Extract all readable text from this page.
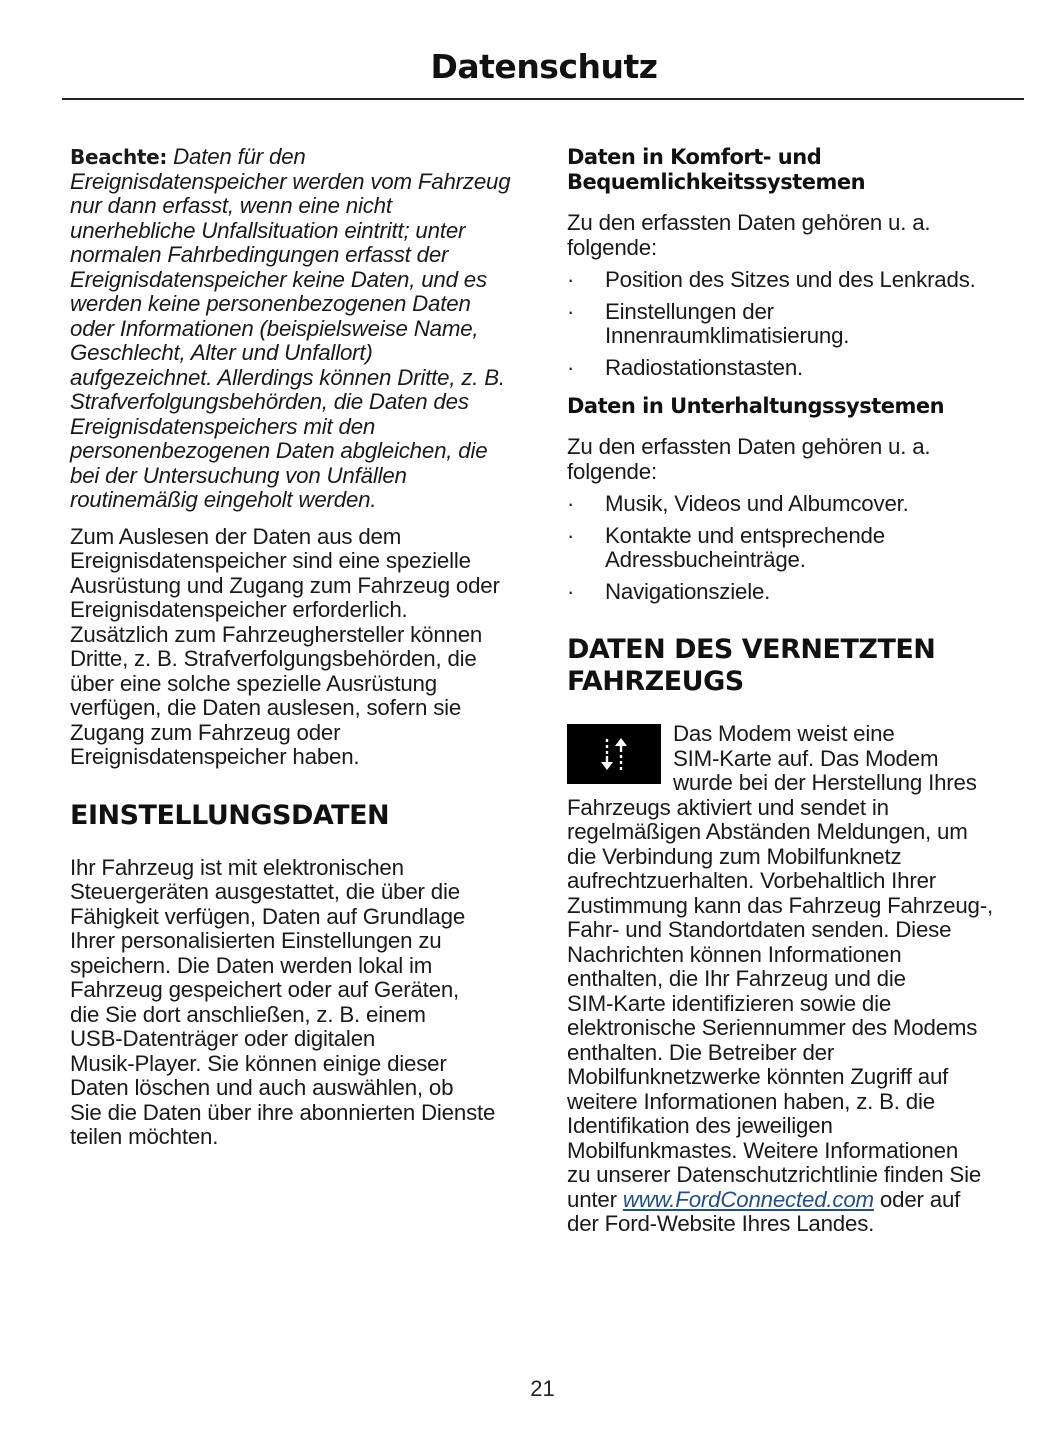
Datenschutz
Beachte: Daten für den
Ereignisdatenspeicher werden vom Fahrzeug
nur dann erfasst, wenn eine nicht
unerhebliche Unfallsituation eintritt; unter
normalen Fahrbedingungen erfasst der
Ereignisdatenspeicher keine Daten, und es
werden keine personenbezogenen Daten
oder Informationen (beispielsweise Name,
Geschlecht, Alter und Unfallort)
aufgezeichnet. Allerdings können Dritte, z. B.
Strafverfolgungsbehörden, die Daten des
Ereignisdatenspeichers mit den
personenbezogenen Daten abgleichen, die
bei der Untersuchung von Unfällen
routinemäßig eingeholt werden.
Zum Auslesen der Daten aus dem
Ereignisdatenspeicher sind eine spezielle
Ausrüstung und Zugang zum Fahrzeug oder
Ereignisdatenspeicher erforderlich.
Zusätzlich zum Fahrzeughersteller können
Dritte, z. B. Strafverfolgungsbehörden, die
über eine solche spezielle Ausrüstung
verfügen, die Daten auslesen, sofern sie
Zugang zum Fahrzeug oder
Ereignisdatenspeicher haben.
EINSTELLUNGSDATEN
Ihr Fahrzeug ist mit elektronischen
Steuergeräten ausgestattet, die über die
Fähigkeit verfügen, Daten auf Grundlage
Ihrer personalisierten Einstellungen zu
speichern. Die Daten werden lokal im
Fahrzeug gespeichert oder auf Geräten,
die Sie dort anschließen, z. B. einem
USB-Datenträger oder digitalen
Musik-Player. Sie können einige dieser
Daten löschen und auch auswählen, ob
Sie die Daten über ihre abonnierten Dienste
teilen möchten.
Daten in Komfort- und
Bequemlichkeitssystemen
Zu den erfassten Daten gehören u. a.
folgende:
·	Position des Sitzes und des Lenkrads.
·	Einstellungen der
Innenraumklimatisierung.
·	Radiostationstasten.
Daten in Unterhaltungssystemen
Zu den erfassten Daten gehören u. a.
folgende:
·	Musik, Videos und Albumcover.
·	Kontakte und entsprechende
Adressbucheinträge.
·	Navigationsziele.
DATEN DES VERNETZTEN
FAHRZEUGS
Das Modem weist eine
SIM-Karte auf. Das Modem
wurde bei der Herstellung Ihres
Fahrzeugs aktiviert und sendet in
regelmäßigen Abständen Meldungen, um
die Verbindung zum Mobilfunknetz
aufrechtzuerhalten. Vorbehaltlich Ihrer
Zustimmung kann das Fahrzeug Fahrzeug-,
Fahr- und Standortdaten senden. Diese
Nachrichten können Informationen
enthalten, die Ihr Fahrzeug und die
SIM-Karte identifizieren sowie die
elektronische Seriennummer des Modems
enthalten. Die Betreiber der
Mobilfunknetzwerke könnten Zugriff auf
weitere Informationen haben, z. B. die
Identifikation des jeweiligen
Mobilfunkmastes. Weitere Informationen
zu unserer Datenschutzrichtlinie finden Sie
unter www.FordConnected.com oder auf
der Ford-Website Ihres Landes.
21
